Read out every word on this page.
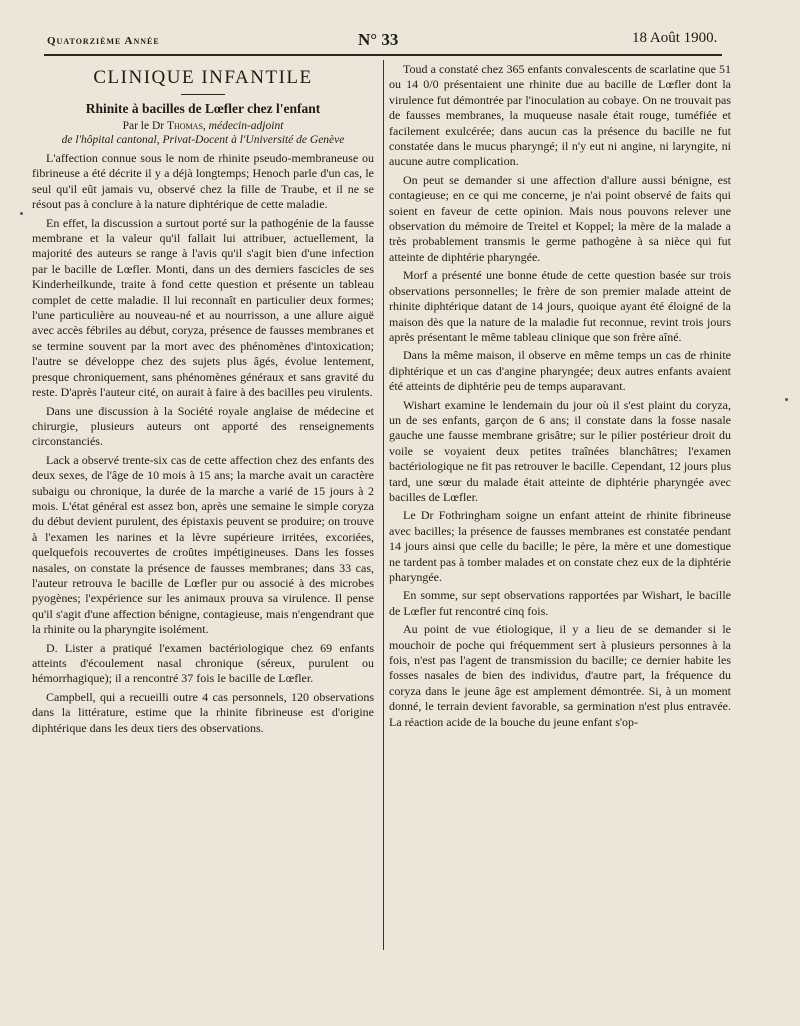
Quatorzième Année	N° 33	18 Août 1900.
CLINIQUE INFANTILE
Rhinite à bacilles de Lœfler chez l'enfant
Par le Dr Thomas, médecin-adjoint
de l'hôpital cantonal, Privat-Docent à l'Université de Genève

L'affection connue sous le nom de rhinite pseudo-membraneuse ou fibrineuse a été décrite il y a déjà longtemps; Henoch parle d'un cas, le seul qu'il eût jamais vu, observé chez la fille de Traube, et il ne se résout pas à conclure à la nature diphtérique de cette maladie.

En effet, la discussion a surtout porté sur la pathogénie de la fausse membrane et la valeur qu'il fallait lui attribuer, actuellement, la majorité des auteurs se range à l'avis qu'il s'agit bien d'une infection par le bacille de Lœfler. Monti, dans un des derniers fascicles de ses Kinderheilkunde, traite à fond cette question et présente un tableau complet de cette maladie. Il lui reconnaît en particulier deux formes; l'une particulière au nouveau-né et au nourrisson, a une allure aiguë avec accès fébriles au début, coryza, présence de fausses membranes et se termine souvent par la mort avec des phénomènes d'intoxication; l'autre se développe chez des sujets plus âgés, évolue lentement, presque chroniquement, sans phénomènes généraux et sans gravité du reste. D'après l'auteur cité, on aurait à faire à des bacilles peu virulents.

Dans une discussion à la Société royale anglaise de médecine et chirurgie, plusieurs auteurs ont apporté des renseignements circonstanciés.

Lack a observé trente-six cas de cette affection chez des enfants des deux sexes, de l'âge de 10 mois à 15 ans; la marche avait un caractère subaigu ou chronique, la durée de la marche a varié de 15 jours à 2 mois. L'état général est assez bon, après une semaine le simple coryza du début devient purulent, des épistaxis peuvent se produire; on trouve à l'examen les narines et la lèvre supérieure irritées, excoriées, quelquefois recouvertes de croûtes impétigineuses. Dans les fosses nasales, on constate la présence de fausses membranes; dans 33 cas, l'auteur retrouva le bacille de Lœfler pur ou associé à des microbes pyogènes; l'expérience sur les animaux prouva sa virulence. Il pense qu'il s'agit d'une affection bénigne, contagieuse, mais n'engendrant que la rhinite ou la pharyngite isolément.

D. Lister a pratiqué l'examen bactériologique chez 69 enfants atteints d'écoulement nasal chronique (séreux, purulent ou hémorrhagique); il a rencontré 37 fois le bacille de Lœfler.

Campbell, qui a recueilli outre 4 cas personnels, 120 observations dans la littérature, estime que la rhinite fibrineuse est d'origine diphtérique dans les deux tiers des observations.

Toud a constaté chez 365 enfants convalescents de scarlatine que 51 ou 14 0/0 présentaient une rhinite due au bacille de Lœfler dont la virulence fut démontrée par l'inoculation au cobaye. On ne trouvait pas de fausses membranes, la muqueuse nasale était rouge, tuméfiée et facilement exulcérée; dans aucun cas la présence du bacille ne fut constatée dans le mucus pharyngé; il n'y eut ni angine, ni laryngite, ni aucune autre complication.

On peut se demander si une affection d'allure aussi bénigne, est contagieuse; en ce qui me concerne, je n'ai point observé de faits qui soient en faveur de cette opinion. Mais nous pouvons relever une observation du mémoire de Treitel et Koppel; la mère de la malade a très probablement transmis le germe pathogène à sa nièce qui fut atteinte de diphtérie pharyngée.

Morf a présenté une bonne étude de cette question basée sur trois observations personnelles; le frère de son premier malade atteint de rhinite diphtérique datant de 14 jours, quoique ayant été éloigné de la maison dès que la nature de la maladie fut reconnue, revint trois jours après présentant le même tableau clinique que son frère aîné.

Dans la même maison, il observe en même temps un cas de rhinite diphtérique et un cas d'angine pharyngée; deux autres enfants avaient été atteints de diphtérie peu de temps auparavant.

Wishart examine le lendemain du jour où il s'est plaint du coryza, un de ses enfants, garçon de 6 ans; il constate dans la fosse nasale gauche une fausse membrane grisâtre; sur le pilier postérieur droit du voile se voyaient deux petites traînées blanchâtres; l'examen bactériologique ne fit pas retrouver le bacille. Cependant, 12 jours plus tard, une sœur du malade était atteinte de diphtérie pharyngée avec bacilles de Lœfler.

Le Dr Fothringham soigne un enfant atteint de rhinite fibrineuse avec bacilles; la présence de fausses membranes est constatée pendant 14 jours ainsi que celle du bacille; le père, la mère et une domestique ne tardent pas à tomber malades et on constate chez eux de la diphtérie pharyngée.

En somme, sur sept observations rapportées par Wishart, le bacille de Lœfler fut rencontré cinq fois.

Au point de vue étiologique, il y a lieu de se demander si le mouchoir de poche qui fréquemment sert à plusieurs personnes à la fois, n'est pas l'agent de transmission du bacille; ce dernier habite les fosses nasales de bien des individus, d'autre part, la fréquence du coryza dans le jeune âge est amplement démontrée. Si, à un moment donné, le terrain devient favorable, sa germination n'est plus entravée. La réaction acide de la bouche du jeune enfant s'op-
